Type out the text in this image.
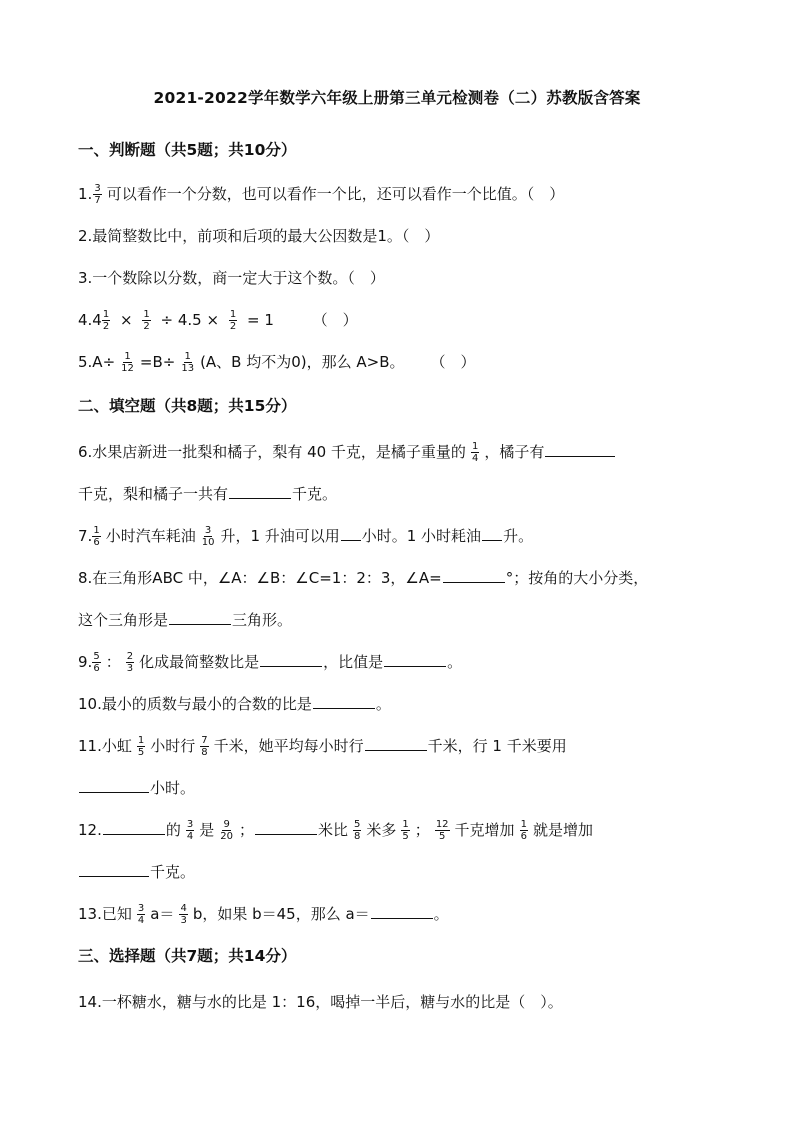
2021-2022学年数学六年级上册第三单元检测卷（二）苏教版含答案
一、判断题（共5题；共10分）
1. $\frac{3}{7}$ 可以看作一个分数，也可以看作一个比，还可以看作一个比值。（　）
2.最简整数比中，前项和后项的最大公因数是1。（　）
3.一个数除以分数，商一定大于这个数。（　）
$4.4 \frac{1}{2} \times \frac{1}{2} \div 4.5 \times \frac{1}{2} = 1$	（　）
$5.A\div \frac{1}{12} =B\div \frac{1}{13} (A$、B 均不为0)，那么 A>B。 （　）
二、填空题（共8题；共15分）
6.水果店新进一批梨和橘子，梨有 40 千克，是橘子重量的 $\frac{1}{4}$ ，橘子有
千克，梨和橘子一共有	千克。
7. $\frac{1}{6}$ 小时汽车耗油 $\frac{3}{10}$ 升，1 升油可以用 小时。1 小时耗油 升。
8.在三角形ABC 中，∠A：∠B：∠C=1：2：3，∠A=	°；按角的大小分类，
这个三角形是	三角形。
9. $\frac{5}{6}$ ： $\frac{2}{3}$ 化成最简整数比是	，比值是	。
10.最小的质数与最小的合数的比是	。
11.小虹 $\frac{1}{5}$ 小时行 $\frac{7}{8}$ 千米，她平均每小时行	千米，行 1 千米要用
小时。
12.	的 $\frac{3}{4}$ 是 $\frac{9}{20}$ ；	米比 $\frac{5}{8}$ 米多 $\frac{1}{5}$ ； $\frac{12}{5}$ 千克增加 $\frac{1}{6}$ 就是增加
千克。
13.已知 $\frac{3}{4} a= \frac{4}{3}$ b，如果 b＝45，那么 a＝	。
三、选择题（共7题；共14分）
14.一杯糖水，糖与水的比是 1：16，喝掉一半后，糖与水的比是（　）。
